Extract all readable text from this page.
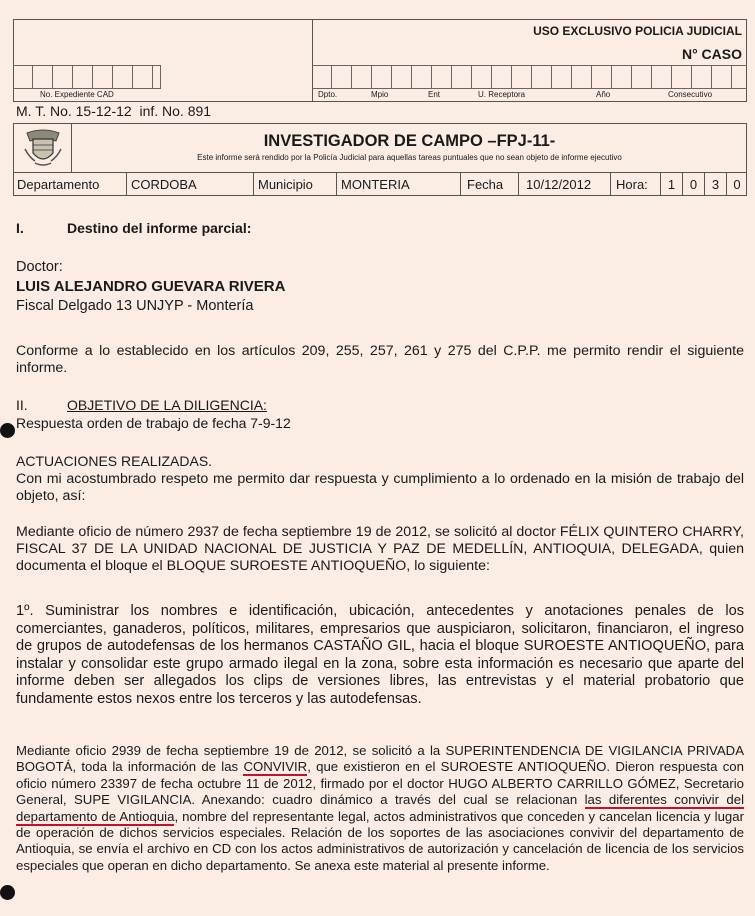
USO EXCLUSIVO POLICIA JUDICIAL
N° CASO
No. Expediente CAD	Dpto.	Mpio	Ent	U. Receptora	Año	Consecutivo
M. T. No. 15-12-12  inf. No. 891
INVESTIGADOR DE CAMPO –FPJ-11-
Este informe será rendido por la Policía Judicial para aquellas tareas puntuales que no sean objeto de informe ejecutivo
Departamento CORDOBA	Municipio MONTERIA	Fecha 10/12/2012 Hora:	1	0	3	0
I.	Destino del informe parcial:
Doctor:
LUIS ALEJANDRO GUEVARA RIVERA
Fiscal Delgado 13 UNJYP - Montería
Conforme a lo establecido en los artículos 209, 255, 257, 261 y 275 del C.P.P. me permito rendir el siguiente informe.
II.	OBJETIVO DE LA DILIGENCIA:
Respuesta orden de trabajo de fecha 7-9-12
ACTUACIONES REALIZADAS.
Con mi acostumbrado respeto me permito dar respuesta y cumplimiento a lo ordenado en la misión de trabajo del objeto, así:
Mediante oficio de número 2937 de fecha septiembre 19 de 2012, se solicitó al doctor FÉLIX QUINTERO CHARRY, FISCAL 37 DE LA UNIDAD NACIONAL DE JUSTICIA Y PAZ DE MEDELLÍN, ANTIOQUIA, DELEGADA, quien documenta el bloque el BLOQUE SUROESTE ANTIOQUEÑO, lo siguiente:
1º. Suministrar los nombres e identificación, ubicación, antecedentes y anotaciones penales de los comerciantes, ganaderos, políticos, militares, empresarios que auspiciaron, solicitaron, financiaron, el ingreso de grupos de autodefensas de los hermanos CASTAÑO GIL, hacia el bloque SUROESTE ANTIOQUEÑO, para instalar y consolidar este grupo armado ilegal en la zona, sobre esta información es necesario que aparte del informe deben ser allegados los clips de versiones libres, las entrevistas y el material probatorio que fundamente estos nexos entre los terceros y las autodefensas.
Mediante oficio 2939 de fecha septiembre 19 de 2012, se solicitó a la SUPERINTENDENCIA DE VIGILANCIA PRIVADA BOGOTÁ, toda la información de las CONVIVIR, que existieron en el SUROESTE ANTIOQUEÑO. Dieron respuesta con oficio número 23397 de fecha octubre 11 de 2012, firmado por el doctor HUGO ALBERTO CARRILLO GÓMEZ, Secretario General, SUPE VIGILANCIA. Anexando: cuadro dinámico a través del cual se relacionan las diferentes convivir del departamento de Antioquia, nombre del representante legal, actos administrativos que conceden y cancelan licencia y lugar de operación de dichos servicios especiales. Relación de los soportes de las asociaciones convivir del departamento de Antioquia, se envía el archivo en CD con los actos administrativos de autorización y cancelación de licencia de los servicios especiales que operan en dicho departamento. Se anexa este material al presente informe.
